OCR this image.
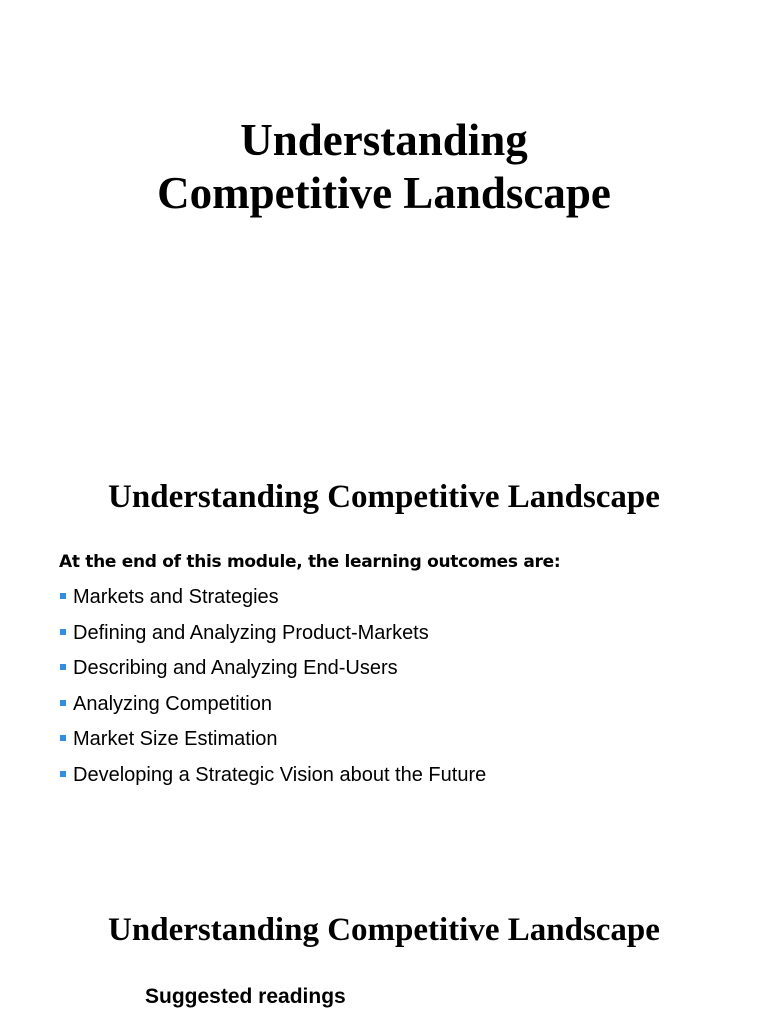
Understanding
Competitive Landscape
Understanding Competitive Landscape

At the end of this module, the learning outcomes are:

Markets and Strategies
Defining and Analyzing Product-Markets
Describing and Analyzing End-Users
Analyzing Competition
Market Size Estimation
Developing a Strategic Vision about the Future
Understanding Competitive Landscape
Suggested readings
